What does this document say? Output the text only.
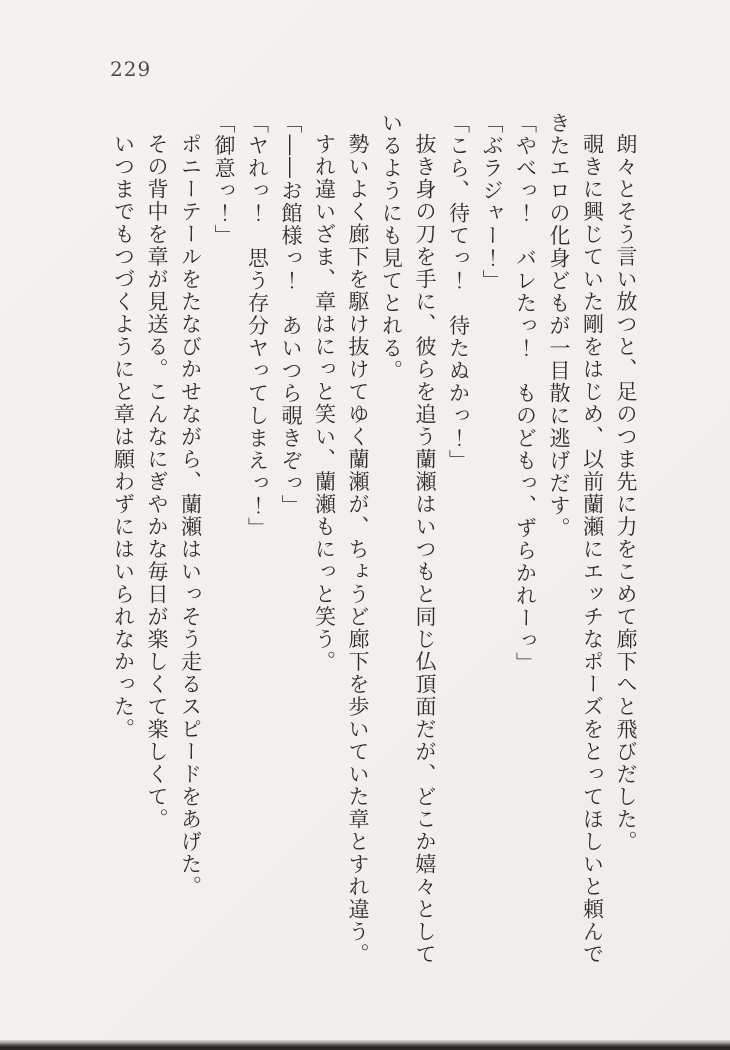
229

朗々とそう言い放つと、足のつま先に力をこめて廊下へと飛びだした。

覗きに興じていた剛をはじめ、以前蘭瀬にエッチなポーズをとってほしいと頼んできたエロの化身どもが一目散に逃げだす。

「やべっ！　バレたっ！　ものどもっ、ずらかれーっ」

「ぶラジャー！」

「こら、待てっ！　待たぬかっ！」

抜き身の刀を手に、彼らを追う蘭瀬はいつもと同じ仏頂面だが、どこか嬉々としているようにも見てとれる。

勢いよく廊下を駆け抜けてゆく蘭瀬が、ちょうど廊下を歩いていた章とすれ違う。

すれ違いざま、章はにっと笑い、蘭瀬もにっと笑う。

「――お館様っ！　あいつら覗きぞっ」

「ヤれっ！　思う存分ヤってしまえっ！」

「御意っ！」

ポニーテールをたなびかせながら、蘭瀬はいっそう走るスピードをあげた。

その背中を章が見送る。こんなにぎやかな毎日が楽しくて楽しくて。

いつまでもつづくようにと章は願わずにはいられなかった。
